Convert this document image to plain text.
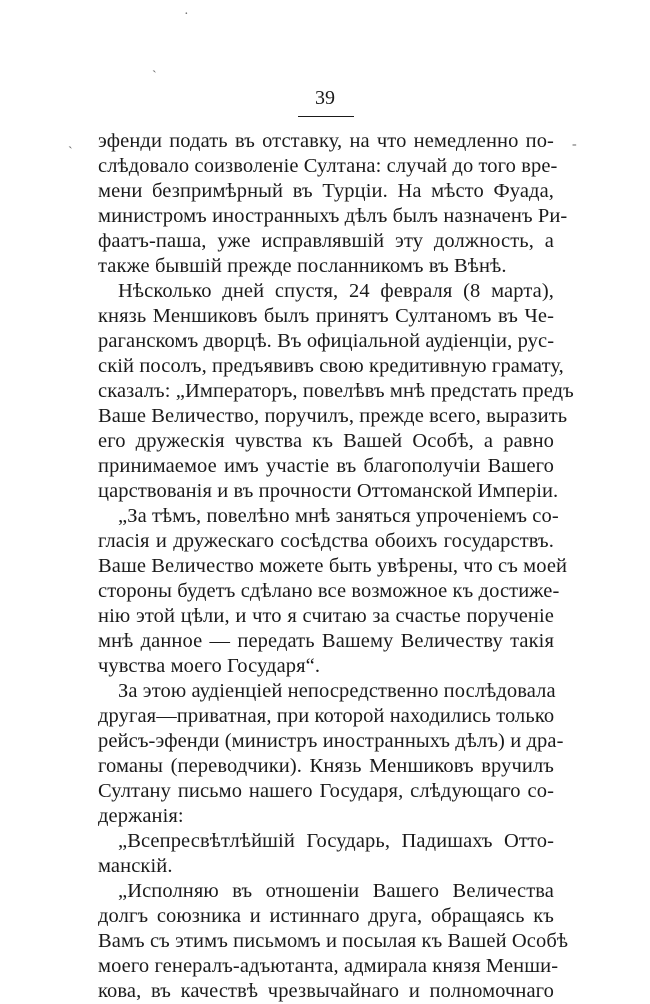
·
`
`
-
39
эфенди подать въ отставку, на что немедленно по-
слѣдовало соизволеніе Султана: случай до того вре-
мени безпримѣрный въ Турціи. На мѣсто Фуада,
министромъ иностранныхъ дѣлъ былъ назначенъ Ри-
фаатъ-паша, уже исправлявшій эту должность, а
также бывшій прежде посланникомъ въ Вѣнѣ.
Нѣсколько дней спустя, 24 февраля (8 марта),
князь Меншиковъ былъ принятъ Султаномъ въ Че-
раганскомъ дворцѣ. Въ офиціальной аудіенціи, рус-
скій посолъ, предъявивъ свою кредитивную грамату,
сказалъ: „Императоръ, повелѣвъ мнѣ предстать предъ
Ваше Величество, поручилъ, прежде всего, выразить
его дружескія чувства къ Вашей Особѣ, а равно
принимаемое имъ участіе въ благополучіи Вашего
царствованія и въ прочности Оттоманской Имперіи.
„За тѣмъ, повелѣно мнѣ заняться упроченіемъ со-
гласія и дружескаго сосѣдства обоихъ государствъ.
Ваше Величество можете быть увѣрены, что съ моей
стороны будетъ сдѣлано все возможное къ достиже-
нію этой цѣли, и что я считаю за счастье порученіе
мнѣ данное — передать Вашему Величеству такія
чувства моего Государя“.
За этою аудіенціей непосредственно послѣдовала
другая—приватная, при которой находились только
рейсъ-эфенди (министръ иностранныхъ дѣлъ) и дра-
гоманы (переводчики). Князь Меншиковъ вручилъ
Султану письмо нашего Государя, слѣдующаго со-
держанія:
„Всепресвѣтлѣйшій Государь, Падишахъ Отто-
манскій.
„Исполняю въ отношеніи Вашего Величества
долгъ союзника и истиннаго друга, обращаясь къ
Вамъ съ этимъ письмомъ и посылая къ Вашей Особѣ
моего генералъ-адъютанта, адмирала князя Менши-
кова, въ качествѣ чрезвычайнаго и полномочнаго
